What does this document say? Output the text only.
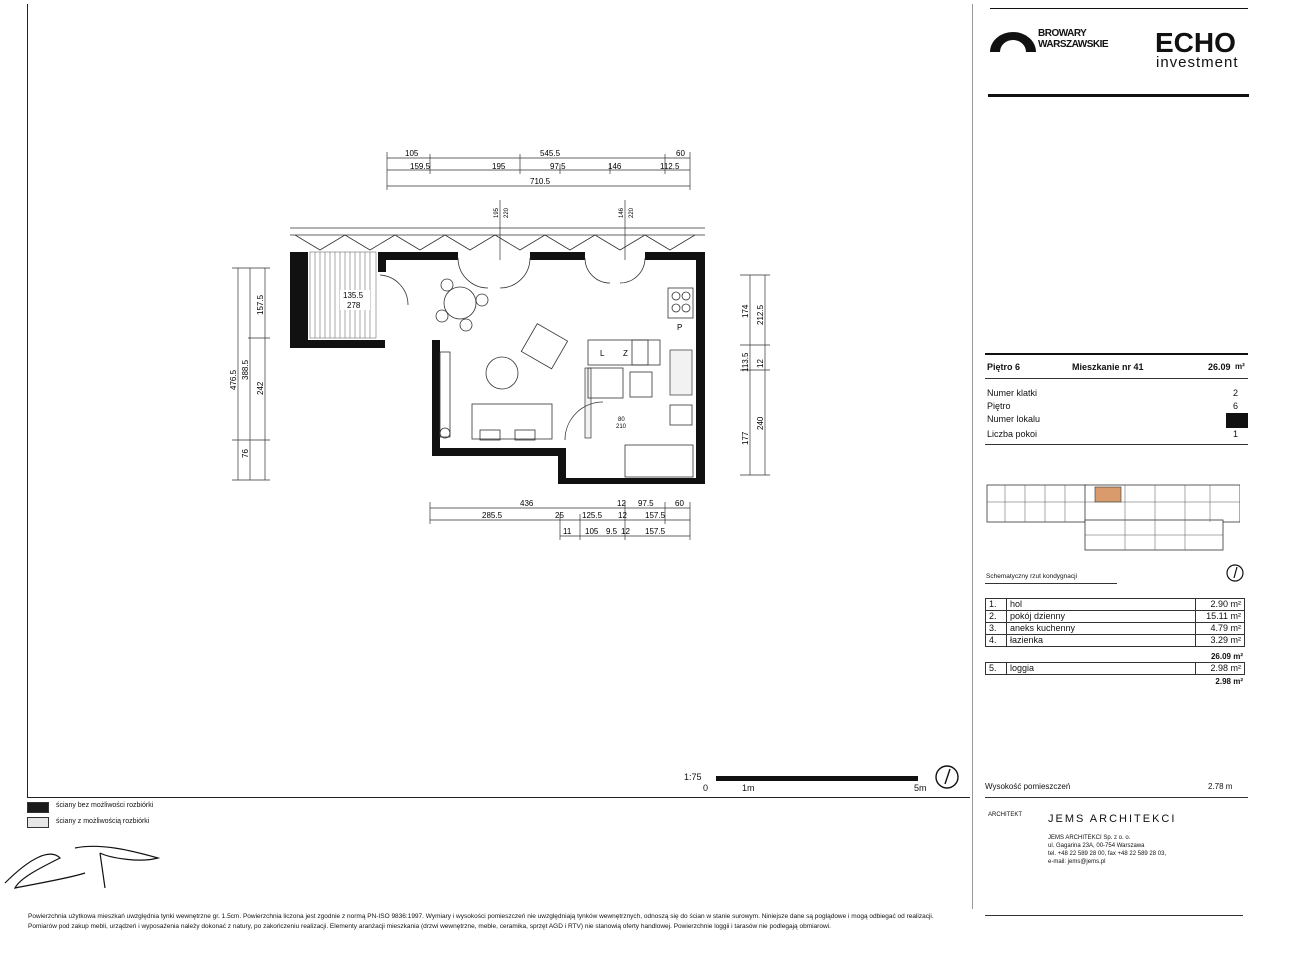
105	545.5	60
159.5	195	97.5	146	112.5
710.5
195 220	146 220
476.5 388.5
157.5
242
76
174 212.5
113.5 12
177
240
135.5
278
L Z
P
80
210
436	12 97.5	60
285.5	25 125.5 12 157.5
11 105 9.5 12 157.5
1:75
0	1m	5m
ściany bez możliwości rozbiórki
ściany z możliwością rozbiórki
Powierzchnia użytkowa mieszkań uwzględnia tynki wewnętrzne gr. 1.5cm. Powierzchnia liczona jest zgodnie z normą PN-ISO 9836:1997. Wymiary i wysokości pomieszczeń nie uwzględniają tynków wewnętrznych, odnoszą się do ścian w stanie surowym. Niniejsze dane są poglądowe i mogą odbiegać od realizacji.
Pomiarów pod zakup mebli, urządzeń i wyposażenia należy dokonać z natury, po zakończeniu realizacji. Elementy aranżacji mieszkania (drzwi wewnętrzne, meble, ceramika, sprzęt AGD i RTV) nie stanowią oferty handlowej. Powierzchnie loggii i tarasów nie podlegają obmiarowi.
BROWARY
WARSZAWSKIE ECHO
investment
Piętro 6	Mieszkanie nr 41	26.09 m²
Numer klatki	2
Piętro	6
Numer lokalu
Liczba pokoi	1
Schematyczny rzut kondygnacji
1.	hol	2.90 m²
2.	pokój dzienny	15.11 m²
3.	aneks kuchenny	4.79 m²
4.	łazienka	3.29 m²
26.09 m²
5.	loggia	2.98 m²
2.98 m²
Wysokość pomieszczeń	2.78 m
ARCHITEKT JEMS ARCHITEKCI
JEMS ARCHITEKCI Sp. z o. o.
ul. Gagarina 23A, 00-754 Warszawa
tel. +48 22 589 28 00, fax +48 22 589 28 03,
e-mail: jems@jems.pl
